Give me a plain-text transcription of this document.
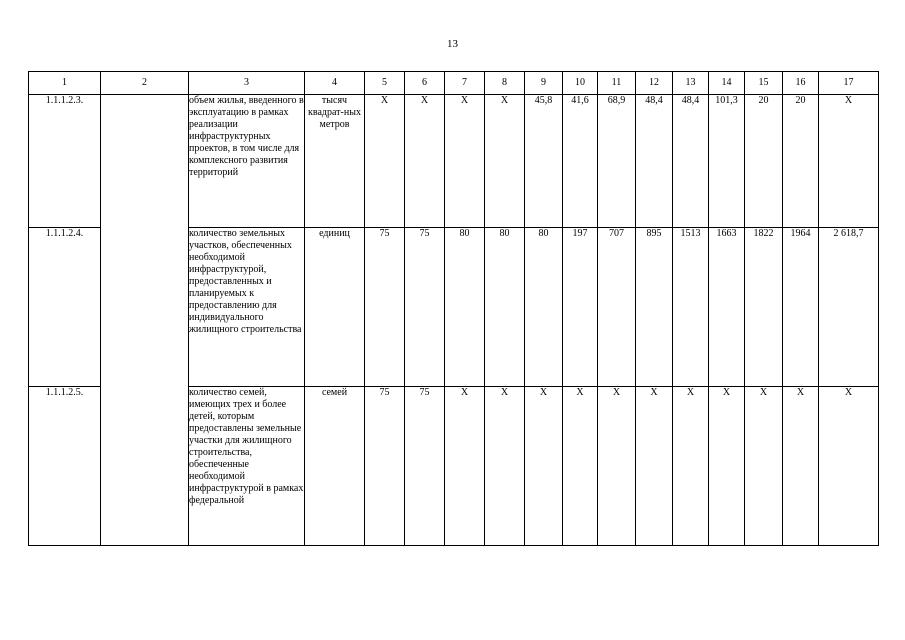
13
1	2	3	4	5	6	7	8	9	10	11	12	13	14	15	16	17
1.1.1.2.3.		объем жилья, введенного в эксплуатацию в рамках реализации инфраструктурных проектов, в том числе для комплексного развития территорий	тысяч квадрат-ных метров	Х	Х	Х	Х	45,8	41,6	68,9	48,4	48,4	101,3	20	20	Х
1.1.1.2.4.		количество земельных участков, обеспеченных необходимой инфраструктурой, предоставленных и планируемых к предоставлению для индивидуального жилищного строительства	единиц	75	75	80	80	80	197	707	895	1513	1663	1822	1964	2 618,7
1.1.1.2.5.		количество семей, имеющих трех и более детей, которым предоставлены земельные участки для жилищного строительства, обеспеченные необходимой инфраструктурой в рамках федеральной	семей	75	75	Х	Х	Х	Х	Х	Х	Х	Х	Х	Х	Х
